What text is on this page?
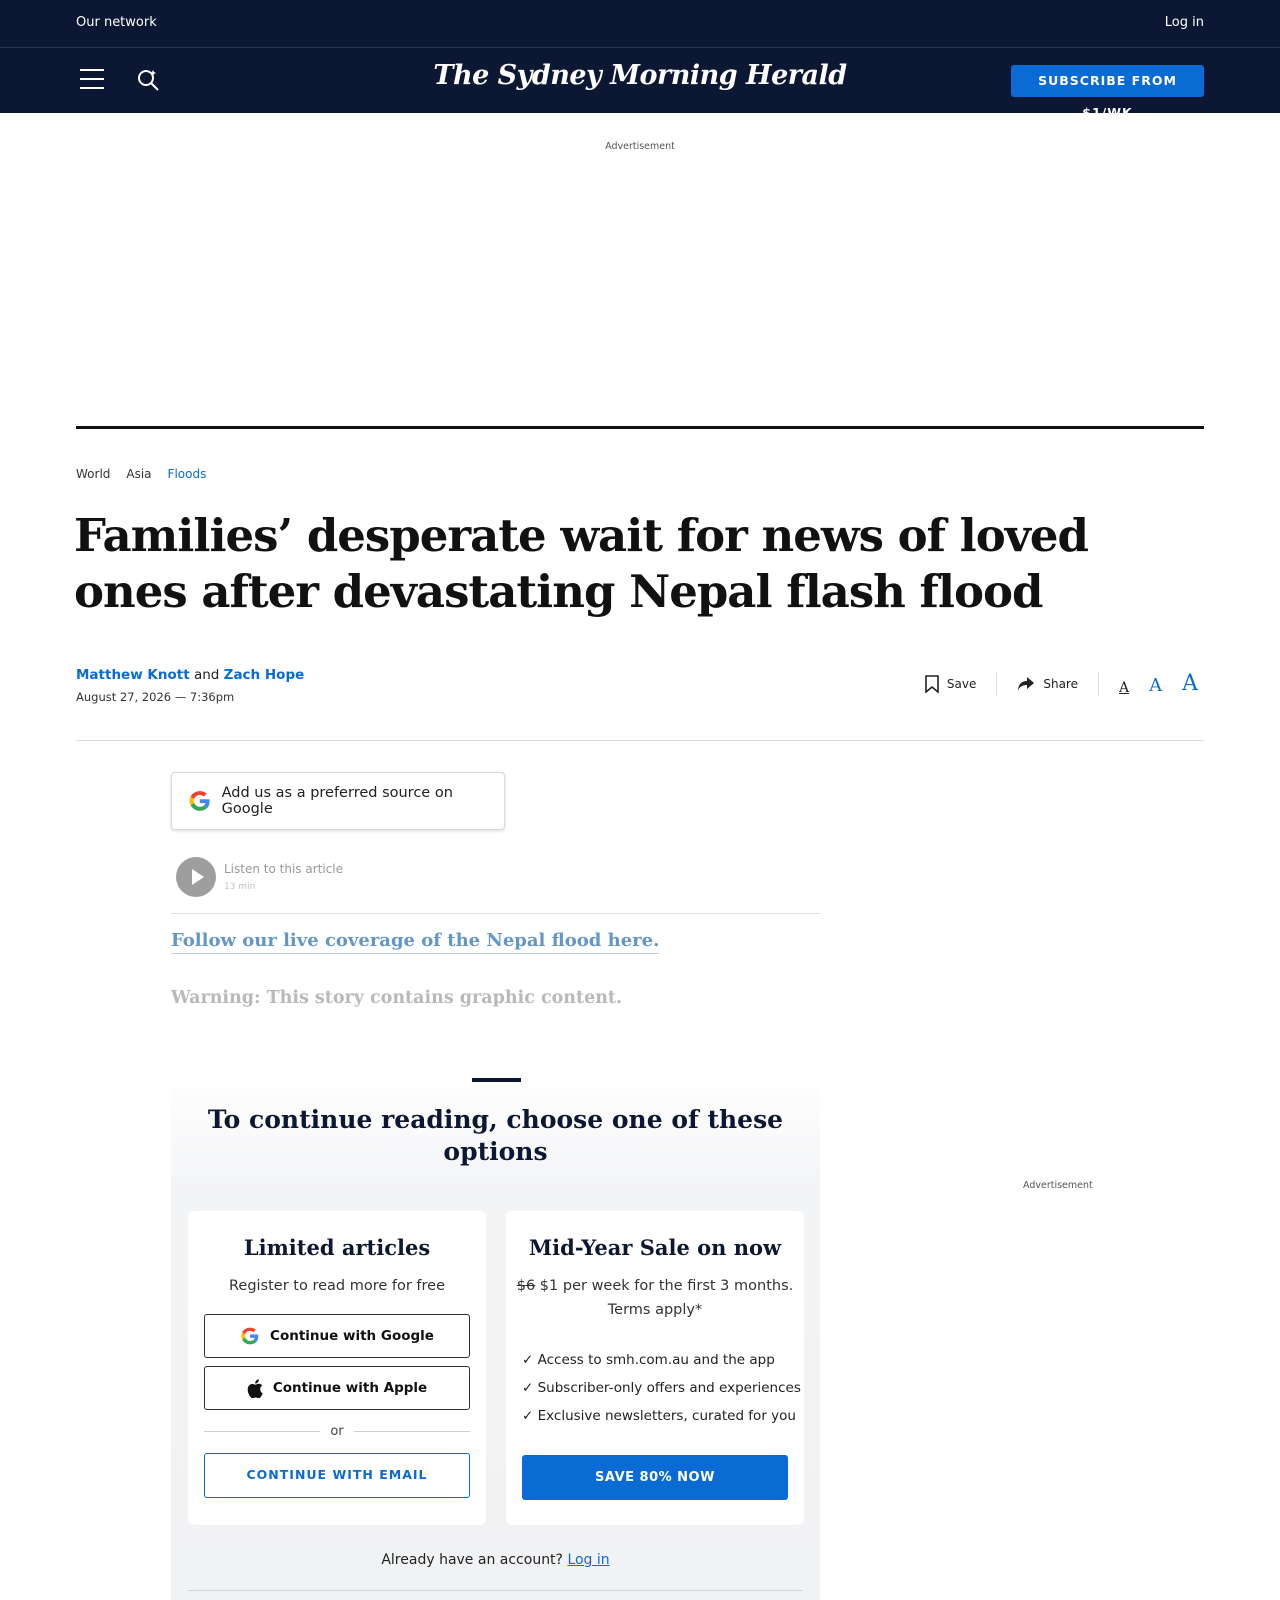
Our network	Log in
The Sydney Morning Herald	SUBSCRIBE FROM $1/WK
Advertisement
World Asia Floods
Families’ desperate wait for news of loved ones after devastating Nepal flash flood
Matthew Knott and Zach Hope
August 27, 2026 — 7:36pm
Save	Share	A A A
Add us as a preferred source on Google
Listen to this article
13 min
Follow our live coverage of the Nepal flood here.

Warning: This story contains graphic content.

To continue reading, choose one of these options
Limited articles
Register to read more for free
Continue with Google
Continue with Apple
or
CONTINUE WITH EMAIL
Mid-Year Sale on now
$6 $1 per week for the first 3 months. Terms apply*
✓ Access to smh.com.au and the app
✓ Subscriber-only offers and experiences
✓ Exclusive newsletters, curated for you
SAVE 80% NOW
Already have an account? Log in
Advertisement
